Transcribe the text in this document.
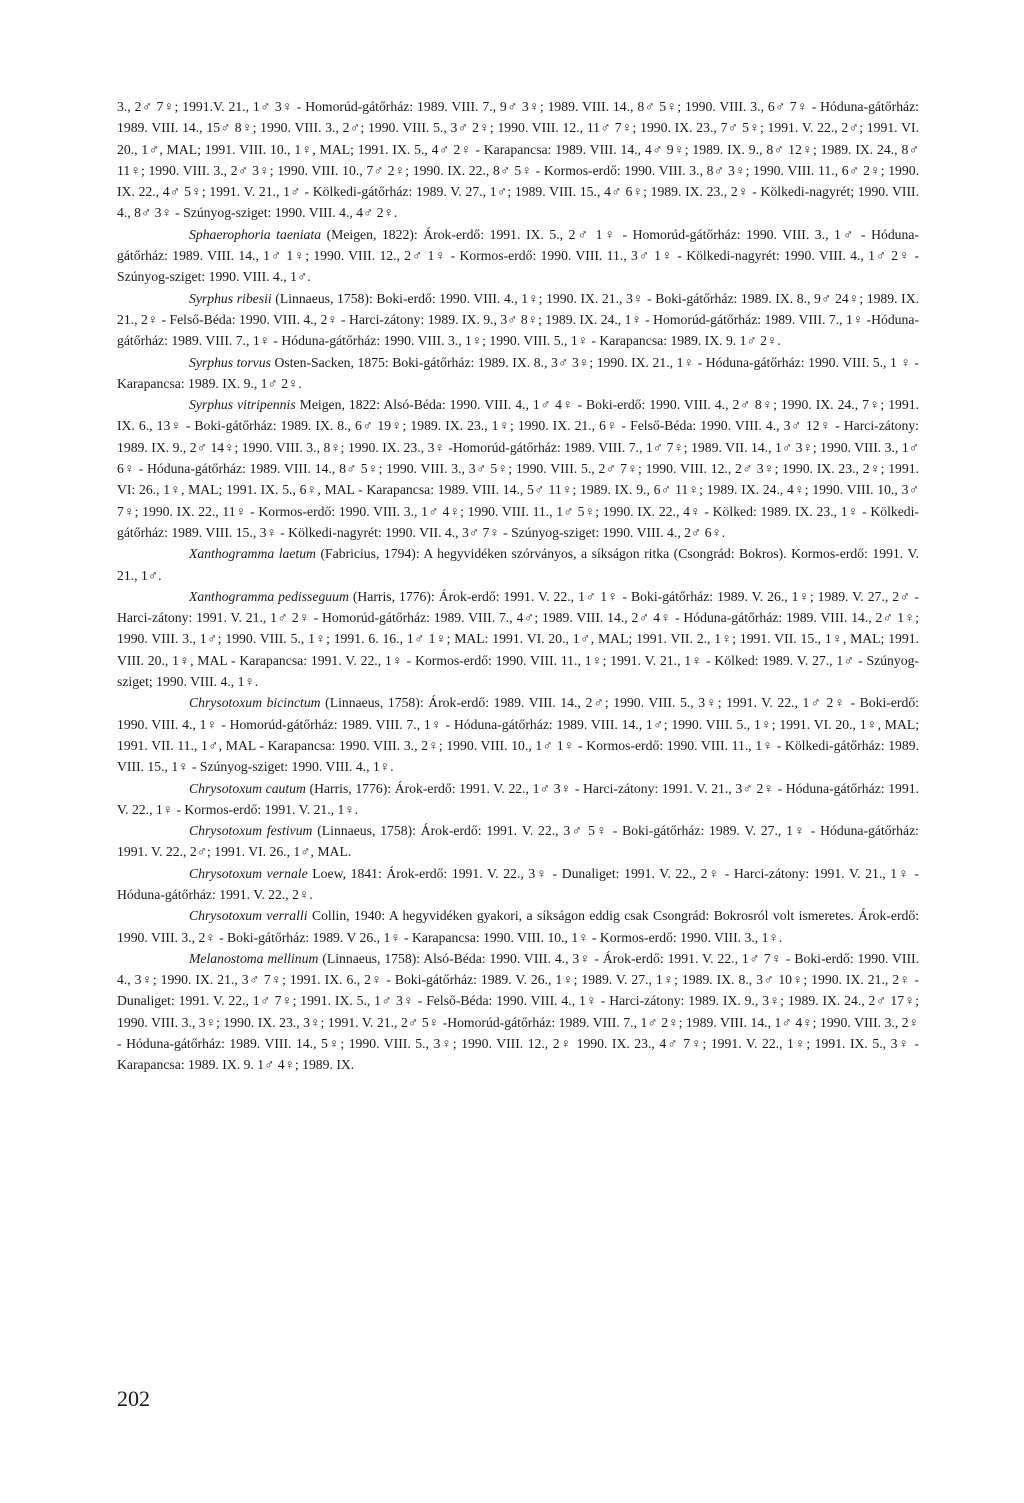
3., 2♂ 7♀; 1991.V. 21., 1♂ 3♀ - Homorúd-gátőrház: 1989. VIII. 7., 9♂ 3♀; 1989. VIII. 14., 8♂ 5♀; 1990. VIII. 3., 6♂ 7♀ - Hóduna-gátőrház: 1989. VIII. 14., 15♂ 8♀; 1990. VIII. 3., 2♂; 1990. VIII. 5., 3♂ 2♀; 1990. VIII. 12., 11♂ 7♀; 1990. IX. 23., 7♂ 5♀; 1991. V. 22., 2♂; 1991. VI. 20., 1♂, MAL; 1991. VIII. 10., 1♀, MAL; 1991. IX. 5., 4♂ 2♀ - Karapancsa: 1989. VIII. 14., 4♂ 9♀; 1989. IX. 9., 8♂ 12♀; 1989. IX. 24., 8♂ 11♀; 1990. VIII. 3., 2♂ 3♀; 1990. VIII. 10., 7♂ 2♀; 1990. IX. 22., 8♂ 5♀ - Kormos-erdő: 1990. VIII. 3., 8♂ 3♀; 1990. VIII. 11., 6♂ 2♀; 1990. IX. 22., 4♂ 5♀; 1991. V. 21., 1♂ - Kölkedi-gátőrház: 1989. V. 27., 1♂; 1989. VIII. 15., 4♂ 6♀; 1989. IX. 23., 2♀ - Kölkedi-nagyrét; 1990. VIII. 4., 8♂ 3♀ - Szúnyog-sziget: 1990. VIII. 4., 4♂ 2♀.

Sphaerophoria taeniata (Meigen, 1822): Árok-erdő: 1991. IX. 5., 2♂ 1♀ - Homorúd-gátőrház: 1990. VIII. 3., 1♂ - Hóduna-gátőrház: 1989. VIII. 14., 1♂ 1♀; 1990. VIII. 12., 2♂ 1♀ - Kormos-erdő: 1990. VIII. 11., 3♂ 1♀ - Kölkedi-nagyrét: 1990. VIII. 4., 1♂ 2♀ - Szúnyog-sziget: 1990. VIII. 4., 1♂.

Syrphus ribesii (Linnaeus, 1758): Boki-erdő: 1990. VIII. 4., 1♀; 1990. IX. 21., 3♀ - Boki-gátőrház: 1989. IX. 8., 9♂ 24♀; 1989. IX. 21., 2♀ - Felső-Béda: 1990. VIII. 4., 2♀ - Harci-zátony: 1989. IX. 9., 3♂ 8♀; 1989. IX. 24., 1♀ - Homorúd-gátőrház: 1989. VIII. 7., 1♀ -Hóduna-gátőrház: 1989. VIII. 7., 1♀ - Hóduna-gátőrház: 1990. VIII. 3., 1♀; 1990. VIII. 5., 1♀ - Karapancsa: 1989. IX. 9. 1♂ 2♀.

Syrphus torvus Osten-Sacken, 1875: Boki-gátőrház: 1989. IX. 8., 3♂ 3♀; 1990. IX. 21., 1♀ - Hóduna-gátőrház: 1990. VIII. 5., 1 ♀ - Karapancsa: 1989. IX. 9., 1♂ 2♀.

Syrphus vitripennis Meigen, 1822: Alsó-Béda: 1990. VIII. 4., 1♂ 4♀ - Boki-erdő: 1990. VIII. 4., 2♂ 8♀; 1990. IX. 24., 7♀; 1991. IX. 6., 13♀ - Boki-gátőrház: 1989. IX. 8., 6♂ 19♀; 1989. IX. 23., 1♀; 1990. IX. 21., 6♀ - Felső-Béda: 1990. VIII. 4., 3♂ 12♀ - Harci-zátony: 1989. IX. 9., 2♂ 14♀; 1990. VIII. 3., 8♀; 1990. IX. 23., 3♀ -Homorúd-gátőrház: 1989. VIII. 7., 1♂ 7♀; 1989. VII. 14., 1♂ 3♀; 1990. VIII. 3., 1♂ 6♀ - Hóduna-gátőrház: 1989. VIII. 14., 8♂ 5♀; 1990. VIII. 3., 3♂ 5♀; 1990. VIII. 5., 2♂ 7♀; 1990. VIII. 12., 2♂ 3♀; 1990. IX. 23., 2♀; 1991. VI: 26., 1♀, MAL; 1991. IX. 5., 6♀, MAL - Karapancsa: 1989. VIII. 14., 5♂ 11♀; 1989. IX. 9., 6♂ 11♀; 1989. IX. 24., 4♀; 1990. VIII. 10., 3♂ 7♀; 1990. IX. 22., 11♀ - Kormos-erdő: 1990. VIII. 3., 1♂ 4♀; 1990. VIII. 11., 1♂ 5♀; 1990. IX. 22., 4♀ - Kölked: 1989. IX. 23., 1♀ - Kölkedi-gátőrház: 1989. VIII. 15., 3♀ - Kölkedi-nagyrét: 1990. VII. 4., 3♂ 7♀ - Szúnyog-sziget: 1990. VIII. 4., 2♂ 6♀.

Xanthogramma laetum (Fabricius, 1794): A hegyvidéken szórványos, a síkságon ritka (Csongrád: Bokros). Kormos-erdő: 1991. V. 21., 1♂.

Xanthogramma pedisseguum (Harris, 1776): Árok-erdő: 1991. V. 22., 1♂ 1♀ - Boki-gátőrház: 1989. V. 26., 1♀; 1989. V. 27., 2♂ - Harci-zátony: 1991. V. 21., 1♂ 2♀ - Homorúd-gátőrház: 1989. VIII. 7., 4♂; 1989. VIII. 14., 2♂ 4♀ - Hóduna-gátőrház: 1989. VIII. 14., 2♂ 1♀; 1990. VIII. 3., 1♂; 1990. VIII. 5., 1♀; 1991. 6. 16., 1♂ 1♀; MAL: 1991. VI. 20., 1♂, MAL; 1991. VII. 2., 1♀; 1991. VII. 15., 1♀, MAL; 1991. VIII. 20., 1♀, MAL - Karapancsa: 1991. V. 22., 1♀ - Kormos-erdő: 1990. VIII. 11., 1♀; 1991. V. 21., 1♀ - Kölked: 1989. V. 27., 1♂ - Szúnyog-sziget; 1990. VIII. 4., 1♀.

Chrysotoxum bicinctum (Linnaeus, 1758): Árok-erdő: 1989. VIII. 14., 2♂; 1990. VIII. 5., 3♀; 1991. V. 22., 1♂ 2♀ - Boki-erdő: 1990. VIII. 4., 1♀ - Homorúd-gátőrház: 1989. VIII. 7., 1♀ - Hóduna-gátőrház: 1989. VIII. 14., 1♂; 1990. VIII. 5., 1♀; 1991. VI. 20., 1♀, MAL; 1991. VII. 11., 1♂, MAL - Karapancsa: 1990. VIII. 3., 2♀; 1990. VIII. 10., 1♂ 1♀ - Kormos-erdő: 1990. VIII. 11., 1♀ - Kölkedi-gátőrház: 1989. VIII. 15., 1♀ - Szúnyog-sziget: 1990. VIII. 4., 1♀.

Chrysotoxum cautum (Harris, 1776): Árok-erdő: 1991. V. 22., 1♂ 3♀ - Harci-zátony: 1991. V. 21., 3♂ 2♀ - Hóduna-gátőrház: 1991. V. 22., 1♀ - Kormos-erdő: 1991. V. 21., 1♀.

Chrysotoxum festivum (Linnaeus, 1758): Árok-erdő: 1991. V. 22., 3♂ 5♀ - Boki-gátőrház: 1989. V. 27., 1♀ - Hóduna-gátőrház: 1991. V. 22., 2♂; 1991. VI. 26., 1♂, MAL.

Chrysotoxum vernale Loew, 1841: Árok-erdő: 1991. V. 22., 3♀ - Dunaliget: 1991. V. 22., 2♀ - Harci-zátony: 1991. V. 21., 1♀ - Hóduna-gátőrház: 1991. V. 22., 2♀.

Chrysotoxum verralli Collin, 1940: A hegyvidéken gyakori, a síkságon eddig csak Csongrád: Bokrosról volt ismeretes. Árok-erdő: 1990. VIII. 3., 2♀ - Boki-gátőrház: 1989. V 26., 1♀ - Karapancsa: 1990. VIII. 10., 1♀ - Kormos-erdő: 1990. VIII. 3., 1♀.

Melanostoma mellinum (Linnaeus, 1758): Alsó-Béda: 1990. VIII. 4., 3♀ - Árok-erdő: 1991. V. 22., 1♂ 7♀ - Boki-erdő: 1990. VIII. 4., 3♀; 1990. IX. 21., 3♂ 7♀; 1991. IX. 6., 2♀ - Boki-gátőrház: 1989. V. 26., 1♀; 1989. V. 27., 1♀; 1989. IX. 8., 3♂ 10♀; 1990. IX. 21., 2♀ -Dunaliget: 1991. V. 22., 1♂ 7♀; 1991. IX. 5., 1♂ 3♀ - Felső-Béda: 1990. VIII. 4., 1♀ - Harci-zátony: 1989. IX. 9., 3♀; 1989. IX. 24., 2♂ 17♀; 1990. VIII. 3., 3♀; 1990. IX. 23., 3♀; 1991. V. 21., 2♂ 5♀ -Homorúd-gátőrház: 1989. VIII. 7., 1♂ 2♀; 1989. VIII. 14., 1♂ 4♀; 1990. VIII. 3., 2♀ - Hóduna-gátőrház: 1989. VIII. 14., 5♀; 1990. VIII. 5., 3♀; 1990. VIII. 12., 2♀ 1990. IX. 23., 4♂ 7♀; 1991. V. 22., 1♀; 1991. IX. 5., 3♀ - Karapancsa: 1989. IX. 9. 1♂ 4♀; 1989. IX.

202
